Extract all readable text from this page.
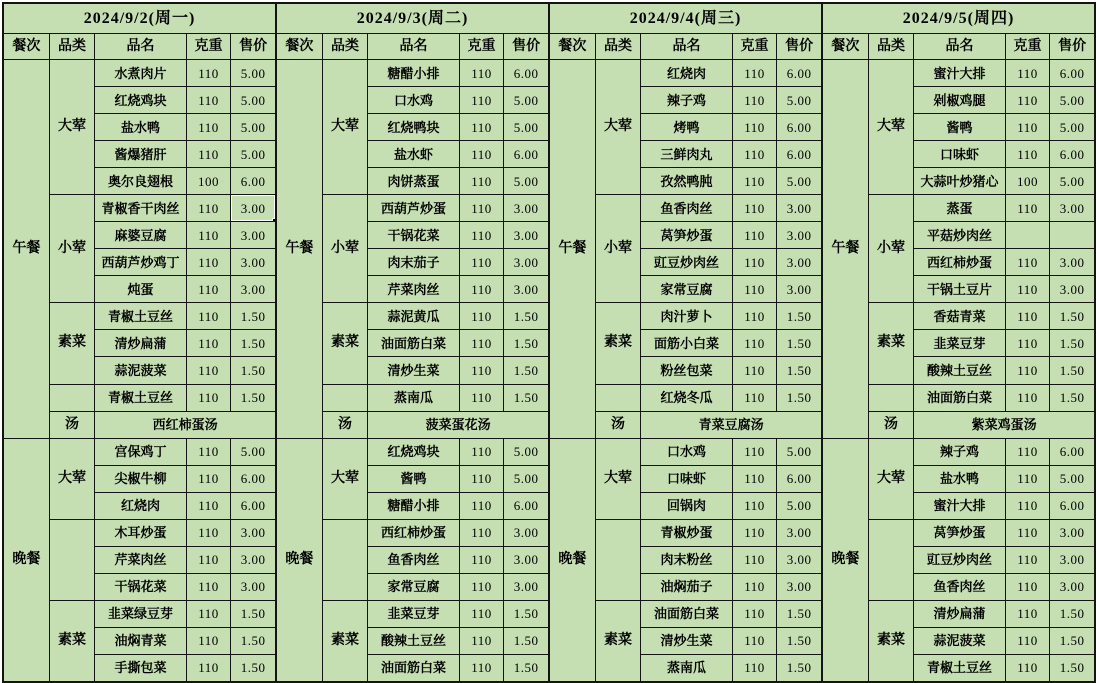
2024/9/2(周一)
餐次	品类	品名	克重	售价
午餐
大荤
水煮肉片	110	5.00
红烧鸡块	110	5.00
盐水鸭	110	5.00
酱爆猪肝	110	5.00
奥尔良翅根	100	6.00
小荤
青椒香干肉丝	110	3.00
麻婆豆腐	110	3.00
西葫芦炒鸡丁	110	3.00
炖蛋	110	3.00
素菜
青椒土豆丝	110	1.50
清炒扁蒲	110	1.50
蒜泥菠菜	110	1.50
青椒土豆丝	110	1.50
汤	西红柿蛋汤
晚餐
大荤
宫保鸡丁	110	5.00
尖椒牛柳	110	6.00
红烧肉	110	6.00
木耳炒蛋	110	3.00
芹菜肉丝	110	3.00
干锅花菜	110	3.00
素菜
韭菜绿豆芽	110	1.50
油焖青菜	110	1.50
手撕包菜	110	1.50
2024/9/3(周二)
餐次	品类	品名	克重	售价
午餐
大荤
糖醋小排	110	6.00
口水鸡	110	5.00
红烧鸭块	110	5.00
盐水虾	110	6.00
肉饼蒸蛋	110	5.00
小荤
西葫芦炒蛋	110	3.00
干锅花菜	110	3.00
肉末茄子	110	3.00
芹菜肉丝	110	3.00
素菜
蒜泥黄瓜	110	1.50
油面筋白菜	110	1.50
清炒生菜	110	1.50
蒸南瓜	110	1.50
汤	菠菜蛋花汤
晚餐
大荤
红烧鸡块	110	5.00
酱鸭	110	5.00
糖醋小排	110	6.00
西红柿炒蛋	110	3.00
鱼香肉丝	110	3.00
家常豆腐	110	3.00
素菜
韭菜豆芽	110	1.50
酸辣土豆丝	110	1.50
油面筋白菜	110	1.50
2024/9/4(周三)
餐次	品类	品名	克重	售价
午餐
大荤
红烧肉	110	6.00
辣子鸡	110	5.00
烤鸭	110	6.00
三鲜肉丸	110	6.00
孜然鸭肫	110	5.00
小荤
鱼香肉丝	110	3.00
莴笋炒蛋	110	3.00
豇豆炒肉丝	110	3.00
家常豆腐	110	3.00
素菜
肉汁萝卜	110	1.50
面筋小白菜	110	1.50
粉丝包菜	110	1.50
红烧冬瓜	110	1.50
汤	青菜豆腐汤
晚餐
大荤
口水鸡	110	5.00
口味虾	110	6.00
回锅肉	110	5.00
青椒炒蛋	110	3.00
肉末粉丝	110	3.00
油焖茄子	110	3.00
素菜
油面筋白菜	110	1.50
清炒生菜	110	1.50
蒸南瓜	110	1.50
2024/9/5(周四)
餐次	品类	品名	克重	售价
午餐
大荤
蜜汁大排	110	6.00
剁椒鸡腿	110	5.00
酱鸭	110	5.00
口味虾	110	6.00
大蒜叶炒猪心	100	5.00
小荤
蒸蛋	110	3.00
平菇炒肉丝
西红柿炒蛋	110	3.00
干锅土豆片	110	3.00
素菜
香菇青菜	110	1.50
韭菜豆芽	110	1.50
酸辣土豆丝	110	1.50
油面筋白菜	110	1.50
汤	紫菜鸡蛋汤
晚餐
大荤
辣子鸡	110	6.00
盐水鸭	110	5.00
蜜汁大排	110	6.00
莴笋炒蛋	110	3.00
豇豆炒肉丝	110	3.00
鱼香肉丝	110	3.00
素菜
清炒扁蒲	110	1.50
蒜泥菠菜	110	1.50
青椒土豆丝	110	1.50
